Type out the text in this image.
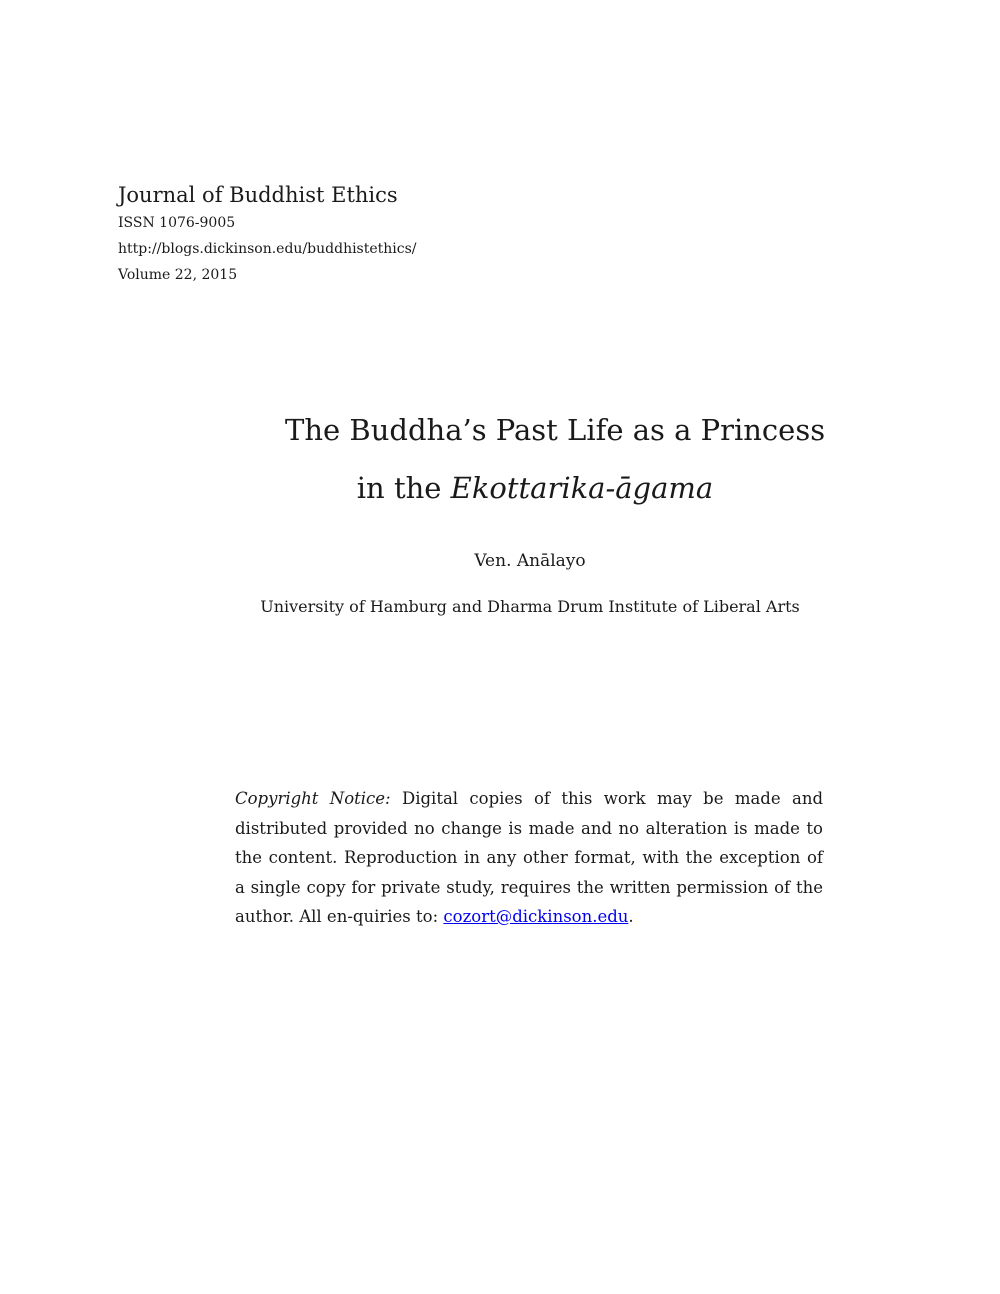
Journal of Buddhist Ethics

ISSN 1076-9005

http://blogs.dickinson.edu/buddhistethics/

Volume 22, 2015

The Buddha’s Past Life as a Princess

in the Ekottarika-āgama

Ven. Anālayo

University of Hamburg and Dharma Drum Institute of Liberal Arts

Copyright Notice: Digital copies of this work may be made and distributed provided no change is made and no alteration is made to the content. Reproduction in any other format, with the exception of a single copy for private study, requires the written permission of the author. All en-quiries to: cozort@dickinson.edu.
